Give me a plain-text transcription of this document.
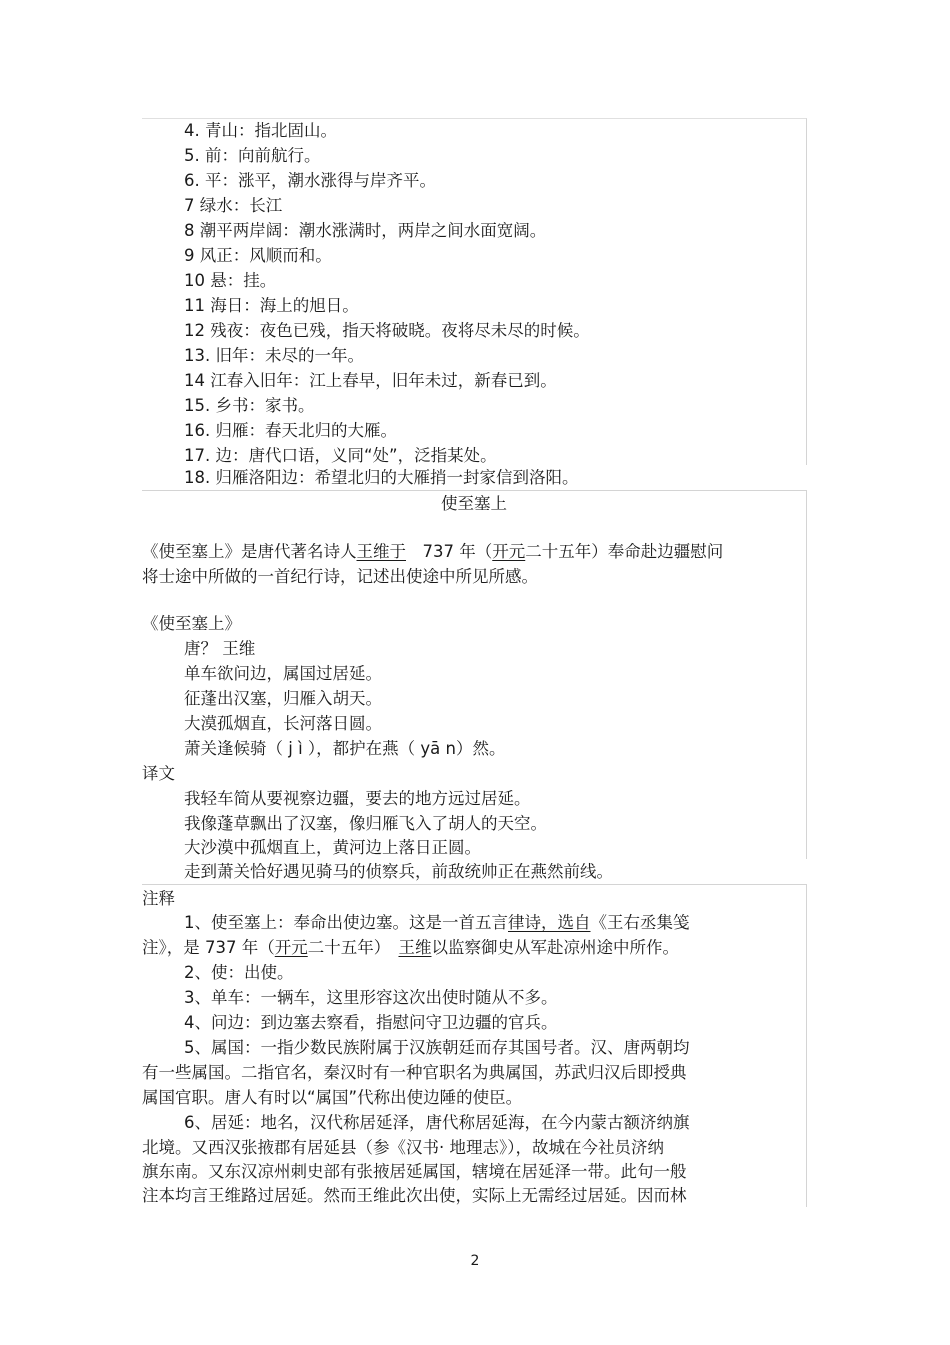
4. 青山：指北固山。
5. 前：向前航行。
6. 平：涨平，潮水涨得与岸齐平。
7 绿水：长江
8 潮平两岸阔：潮水涨满时，两岸之间水面宽阔。
9 风正：风顺而和。
10 悬：挂。
11 海日：海上的旭日。
12 残夜：夜色已残，指天将破晓。夜将尽未尽的时候。
13. 旧年：未尽的一年。
14 江春入旧年：江上春早，旧年未过，新春已到。
15. 乡书：家书。
16. 归雁：春天北归的大雁。
17. 边：唐代口语，义同“处”，泛指某处。
18. 归雁洛阳边：希望北归的大雁捎一封家信到洛阳。
使至塞上
《使至塞上》是唐代著名诗人王维于　737 年（开元二十五年）奉命赴边疆慰问
将士途中所做的一首纪行诗，记述出使途中所见所感。
《使至塞上》
唐？ 王维
单车欲问边，属国过居延。
征蓬出汉塞，归雁入胡天。
大漠孤烟直，长河落日圆。
萧关逢候骑（ j ì ），都护在燕（ yā n）然。
译文
我轻车简从要视察边疆，要去的地方远过居延。
我像蓬草飘出了汉塞，像归雁飞入了胡人的天空。
大沙漠中孤烟直上，黄河边上落日正圆。
走到萧关恰好遇见骑马的侦察兵，前敌统帅正在燕然前线。
注释
1、使至塞上：奉命出使边塞。这是一首五言律诗，选自《王右丞集笺
注》，是 737 年（开元二十五年）　王维以监察御史从军赴凉州途中所作。
2、使：出使。
3、单车：一辆车，这里形容这次出使时随从不多。
4、问边：到边塞去察看，指慰问守卫边疆的官兵。
5、属国：一指少数民族附属于汉族朝廷而存其国号者。汉、唐两朝均
有一些属国。二指官名，秦汉时有一种官职名为典属国，苏武归汉后即授典
属国官职。唐人有时以“属国”代称出使边陲的使臣。
6、居延：地名，汉代称居延泽，唐代称居延海，在今内蒙古额济纳旗
北境。又西汉张掖郡有居延县（参《汉书· 地理志》），故城在今社员济纳
旗东南。又东汉凉州刺史部有张掖居延属国，辖境在居延泽一带。此句一般
注本均言王维路过居延。然而王维此次出使，实际上无需经过居延。因而林
2
